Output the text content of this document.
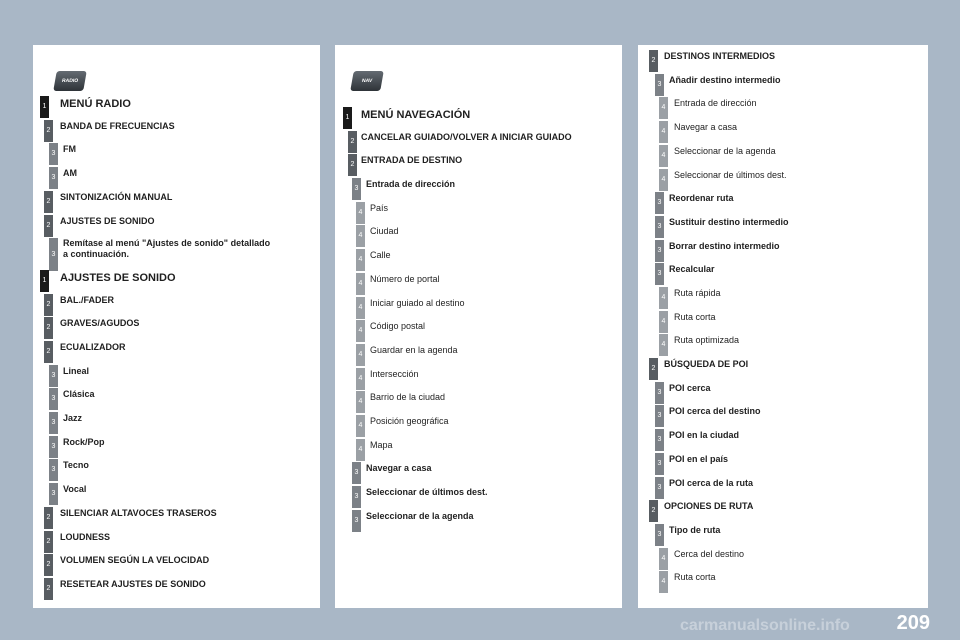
RADIO
1 MENÚ RADIO
2 BANDA DE FRECUENCIAS
3 FM
3 AM
2 SINTONIZACIÓN MANUAL
2 AJUSTES DE SONIDO
3
Remítase al menú "Ajustes de sonido" detallado
a continuación.
1 AJUSTES DE SONIDO
2 BAL./FADER
2 GRAVES/AGUDOS
2 ECUALIZADOR
3 Lineal
3 Clásica
3 Jazz
3 Rock/Pop
3 Tecno
3 Vocal
2 SILENCIAR ALTAVOCES TRASEROS
2 LOUDNESS
2 VOLUMEN SEGÚN LA VELOCIDAD
2 RESETEAR AJUSTES DE SONIDO
NAV
1 MENÚ NAVEGACIÓN
2 CANCELAR GUIADO/VOLVER A INICIAR GUIADO
2 ENTRADA DE DESTINO
3 Entrada de dirección
4 País
4 Ciudad
4 Calle
4 Número de portal
4 Iniciar guiado al destino
4 Código postal
4 Guardar en la agenda
4 Intersección
4 Barrio de la ciudad
4 Posición geográfica
4 Mapa
3 Navegar a casa
3 Seleccionar de últimos dest.
3 Seleccionar de la agenda
2 DESTINOS INTERMEDIOS
3 Añadir destino intermedio
4 Entrada de dirección
4 Navegar a casa
4 Seleccionar de la agenda
4 Seleccionar de últimos dest.
3 Reordenar ruta
3 Sustituir destino intermedio
3 Borrar destino intermedio
3 Recalcular
4 Ruta rápida
4 Ruta corta
4 Ruta optimizada
2 BÚSQUEDA DE POI
3 POI cerca
3 POI cerca del destino
3 POI en la ciudad
3 POI en el país
3 POI cerca de la ruta
2 OPCIONES DE RUTA
3 Tipo de ruta
4 Cerca del destino
4 Ruta corta
carmanualsonline.info	209
